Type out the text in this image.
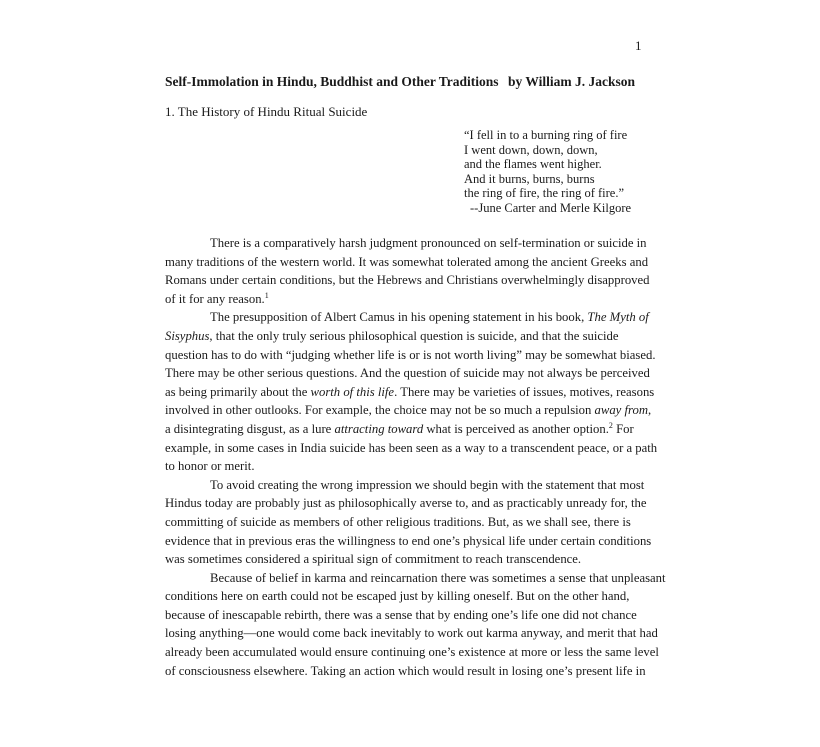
1
Self-Immolation in Hindu, Buddhist and Other Traditions by William J. Jackson
1. The History of Hindu Ritual Suicide
“I fell in to a burning ring of fire
I went down, down, down,
and the flames went higher.
And it burns, burns, burns
the ring of fire, the ring of fire.”
--June Carter and Merle Kilgore
There is a comparatively harsh judgment pronounced on self-termination or suicide in
many traditions of the western world. It was somewhat tolerated among the ancient Greeks and
Romans under certain conditions, but the Hebrews and Christians overwhelmingly disapproved
of it for any reason.$^1$
The presupposition of Albert Camus in his opening statement in his book, The Myth of
Sisyphus, that the only truly serious philosophical question is suicide, and that the suicide
question has to do with “judging whether life is or is not worth living” may be somewhat biased.
There may be other serious questions. And the question of suicide may not always be perceived
as being primarily about the worth of this life. There may be varieties of issues, motives, reasons
involved in other outlooks. For example, the choice may not be so much a repulsion away from,
a disintegrating disgust, as a lure attracting toward what is perceived as another option.$^2$ For
example, in some cases in India suicide has been seen as a way to a transcendent peace, or a path
to honor or merit.
To avoid creating the wrong impression we should begin with the statement that most
Hindus today are probably just as philosophically averse to, and as practicably unready for, the
committing of suicide as members of other religious traditions. But, as we shall see, there is
evidence that in previous eras the willingness to end one’s physical life under certain conditions
was sometimes considered a spiritual sign of commitment to reach transcendence.
Because of belief in karma and reincarnation there was sometimes a sense that unpleasant
conditions here on earth could not be escaped just by killing oneself. But on the other hand,
because of inescapable rebirth, there was a sense that by ending one’s life one did not chance
losing anything—one would come back inevitably to work out karma anyway, and merit that had
already been accumulated would ensure continuing one’s existence at more or less the same level
of consciousness elsewhere. Taking an action which would result in losing one’s present life in
